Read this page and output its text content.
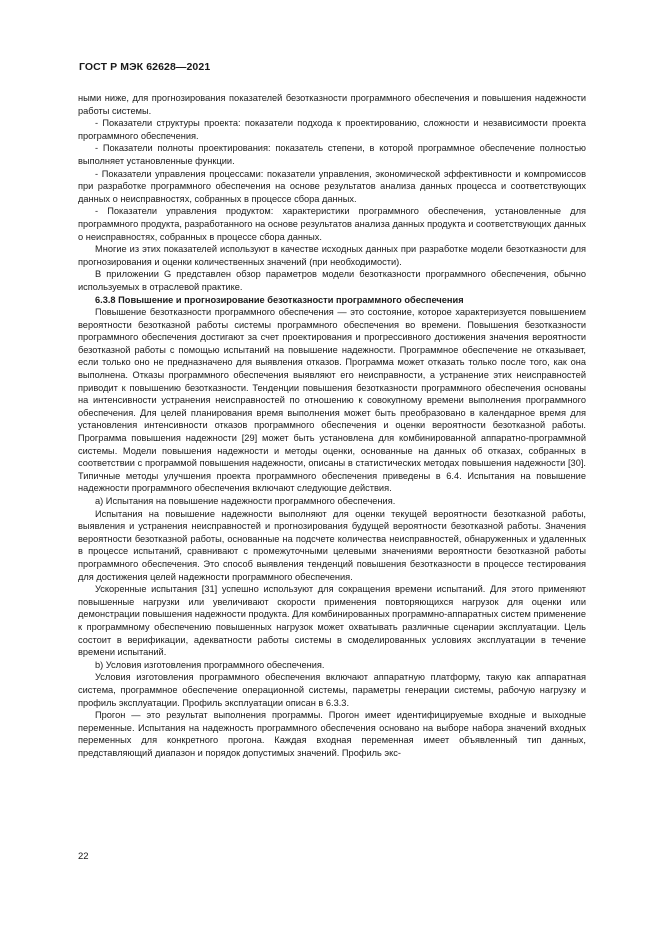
ГОСТ Р МЭК 62628—2021

ными ниже, для прогнозирования показателей безотказности программного обеспечения и повышения надежности работы системы.

- Показатели структуры проекта: показатели подхода к проектированию, сложности и независимости проекта программного обеспечения.

- Показатели полноты проектирования: показатель степени, в которой программное обеспечение полностью выполняет установленные функции.

- Показатели управления процессами: показатели управления, экономической эффективности и компромиссов при разработке программного обеспечения на основе результатов анализа данных процесса и соответствующих данных о неисправностях, собранных в процессе сбора данных.

- Показатели управления продуктом: характеристики программного обеспечения, установленные для программного продукта, разработанного на основе результатов анализа данных продукта и соответствующих данных о неисправностях, собранных в процессе сбора данных.

Многие из этих показателей используют в качестве исходных данных при разработке модели безотказности для прогнозирования и оценки количественных значений (при необходимости).

В приложении G представлен обзор параметров модели безотказности программного обеспечения, обычно используемых в отраслевой практике.

6.3.8 Повышение и прогнозирование безотказности программного обеспечения

Повышение безотказности программного обеспечения — это состояние, которое характеризуется повышением вероятности безотказной работы системы программного обеспечения во времени. Повышения безотказности программного обеспечения достигают за счет проектирования и прогрессивного достижения значения вероятности безотказной работы с помощью испытаний на повышение надежности. Программное обеспечение не отказывает, если только оно не предназначено для выявления отказов. Программа может отказать только после того, как она выполнена. Отказы программного обеспечения выявляют его неисправности, а устранение этих неисправностей приводит к повышению безотказности. Тенденции повышения безотказности программного обеспечения основаны на интенсивности устранения неисправностей по отношению к совокупному времени выполнения программного обеспечения. Для целей планирования время выполнения может быть преобразовано в календарное время для установления интенсивности отказов программного обеспечения и оценки вероятности безотказной работы. Программа повышения надежности [29] может быть установлена для комбинированной аппаратно-программной системы. Модели повышения надежности и методы оценки, основанные на данных об отказах, собранных в соответствии с программой повышения надежности, описаны в статистических методах повышения надежности [30]. Типичные методы улучшения проекта программного обеспечения приведены в 6.4. Испытания на повышение надежности программного обеспечения включают следующие действия.

a) Испытания на повышение надежности программного обеспечения.

Испытания на повышение надежности выполняют для оценки текущей вероятности безотказной работы, выявления и устранения неисправностей и прогнозирования будущей вероятности безотказной работы. Значения вероятности безотказной работы, основанные на подсчете количества неисправностей, обнаруженных и удаленных в процессе испытаний, сравнивают с промежуточными целевыми значениями вероятности безотказной работы программного обеспечения. Это способ выявления тенденций повышения безотказности в процессе тестирования для достижения целей надежности программного обеспечения.

Ускоренные испытания [31] успешно используют для сокращения времени испытаний. Для этого применяют повышенные нагрузки или увеличивают скорости применения повторяющихся нагрузок для оценки или демонстрации повышения надежности продукта. Для комбинированных программно-аппаратных систем применение к программному обеспечению повышенных нагрузок может охватывать различные сценарии эксплуатации. Цель состоит в верификации, адекватности работы системы в смоделированных условиях эксплуатации в течение времени испытаний.

b) Условия изготовления программного обеспечения.

Условия изготовления программного обеспечения включают аппаратную платформу, такую как аппаратная система, программное обеспечение операционной системы, параметры генерации системы, рабочую нагрузку и профиль эксплуатации. Профиль эксплуатации описан в 6.3.3.

Прогон — это результат выполнения программы. Прогон имеет идентифицируемые входные и выходные переменные. Испытания на надежность программного обеспечения основано на выборе набора значений входных переменных для конкретного прогона. Каждая входная переменная имеет объявленный тип данных, представляющий диапазон и порядок допустимых значений. Профиль экс-

22
